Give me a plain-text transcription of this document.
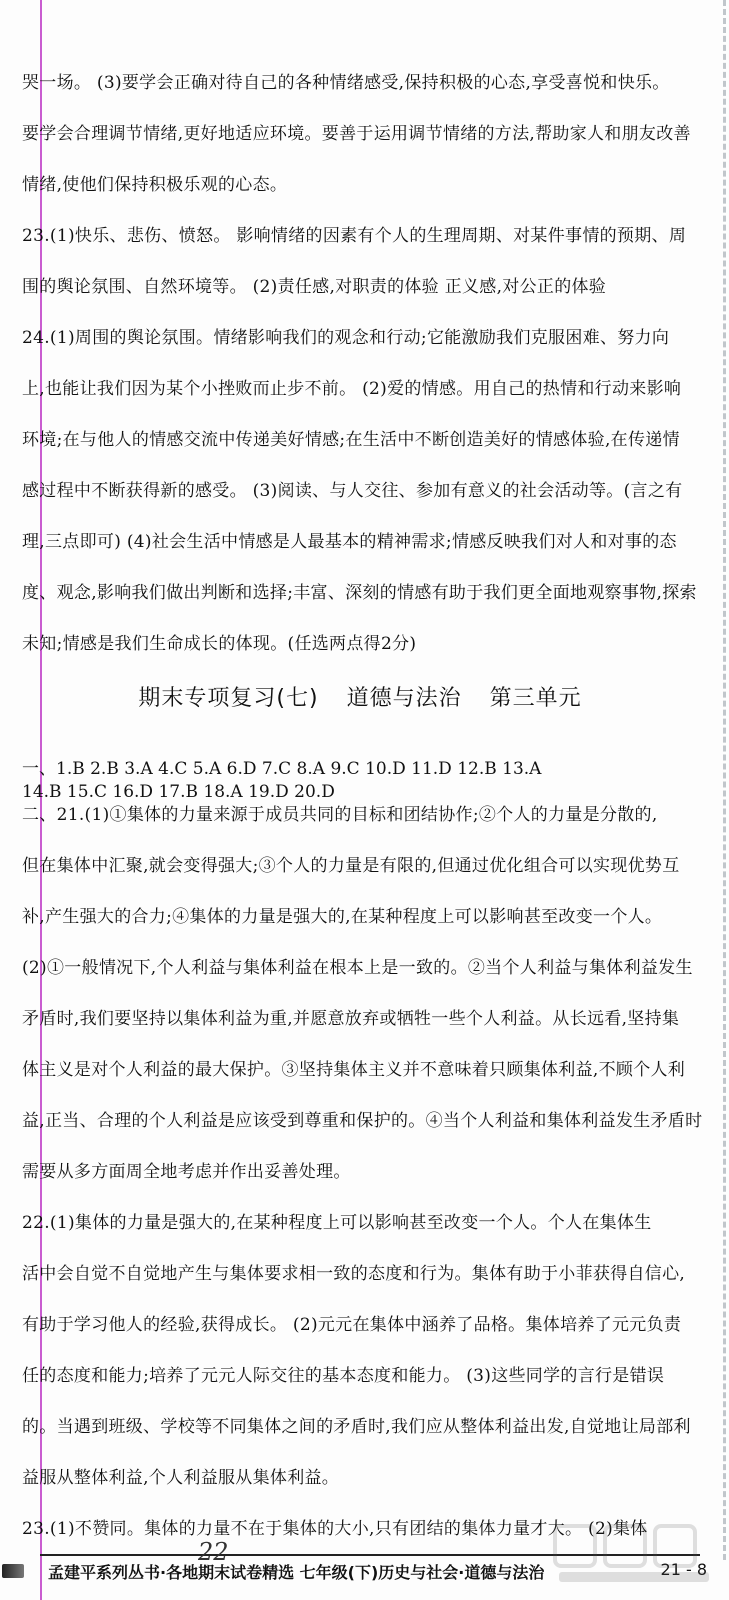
哭一场。 (3)要学会正确对待自己的各种情绪感受,保持积极的心态,享受喜悦和快乐。

要学会合理调节情绪,更好地适应环境。要善于运用调节情绪的方法,帮助家人和朋友改善

情绪,使他们保持积极乐观的心态。

23.(1)快乐、悲伤、愤怒。 影响情绪的因素有个人的生理周期、对某件事情的预期、周

围的舆论氛围、自然环境等。 (2)责任感,对职责的体验 正义感,对公正的体验

24.(1)周围的舆论氛围。情绪影响我们的观念和行动;它能激励我们克服困难、努力向

上,也能让我们因为某个小挫败而止步不前。 (2)爱的情感。用自己的热情和行动来影响

环境;在与他人的情感交流中传递美好情感;在生活中不断创造美好的情感体验,在传递情

感过程中不断获得新的感受。 (3)阅读、与人交往、参加有意义的社会活动等。(言之有

理,三点即可) (4)社会生活中情感是人最基本的精神需求;情感反映我们对人和对事的态

度、观念,影响我们做出判断和选择;丰富、深刻的情感有助于我们更全面地观察事物,探索

未知;情感是我们生命成长的体现。(任选两点得2分)

期末专项复习(七) 道德与法治 第三单元

一、1.B 2.B 3.A 4.C 5.A 6.D 7.C 8.A 9.C 10.D 11.D 12.B 13.A

14.B 15.C 16.D 17.B 18.A 19.D 20.D

二、21.(1)①集体的力量来源于成员共同的目标和团结协作;②个人的力量是分散的,

但在集体中汇聚,就会变得强大;③个人的力量是有限的,但通过优化组合可以实现优势互

补,产生强大的合力;④集体的力量是强大的,在某种程度上可以影响甚至改变一个人。

(2)①一般情况下,个人利益与集体利益在根本上是一致的。②当个人利益与集体利益发生

矛盾时,我们要坚持以集体利益为重,并愿意放弃或牺牲一些个人利益。从长远看,坚持集

体主义是对个人利益的最大保护。③坚持集体主义并不意味着只顾集体利益,不顾个人利

益,正当、合理的个人利益是应该受到尊重和保护的。④当个人利益和集体利益发生矛盾时

需要从多方面周全地考虑并作出妥善处理。

22.(1)集体的力量是强大的,在某种程度上可以影响甚至改变一个人。个人在集体生

活中会自觉不自觉地产生与集体要求相一致的态度和行为。集体有助于小菲获得自信心,

有助于学习他人的经验,获得成长。 (2)元元在集体中涵养了品格。集体培养了元元负责

任的态度和能力;培养了元元人际交往的基本态度和能力。 (3)这些同学的言行是错误

的。当遇到班级、学校等不同集体之间的矛盾时,我们应从整体利益出发,自觉地让局部利

益服从整体利益,个人利益服从集体利益。

23.(1)不赞同。集体的力量不在于集体的大小,只有团结的集体力量才大。 (2)集体

22
孟建平系列丛书·各地期末试卷精选 七年级(下)历史与社会·道德与法治	21 - 8
